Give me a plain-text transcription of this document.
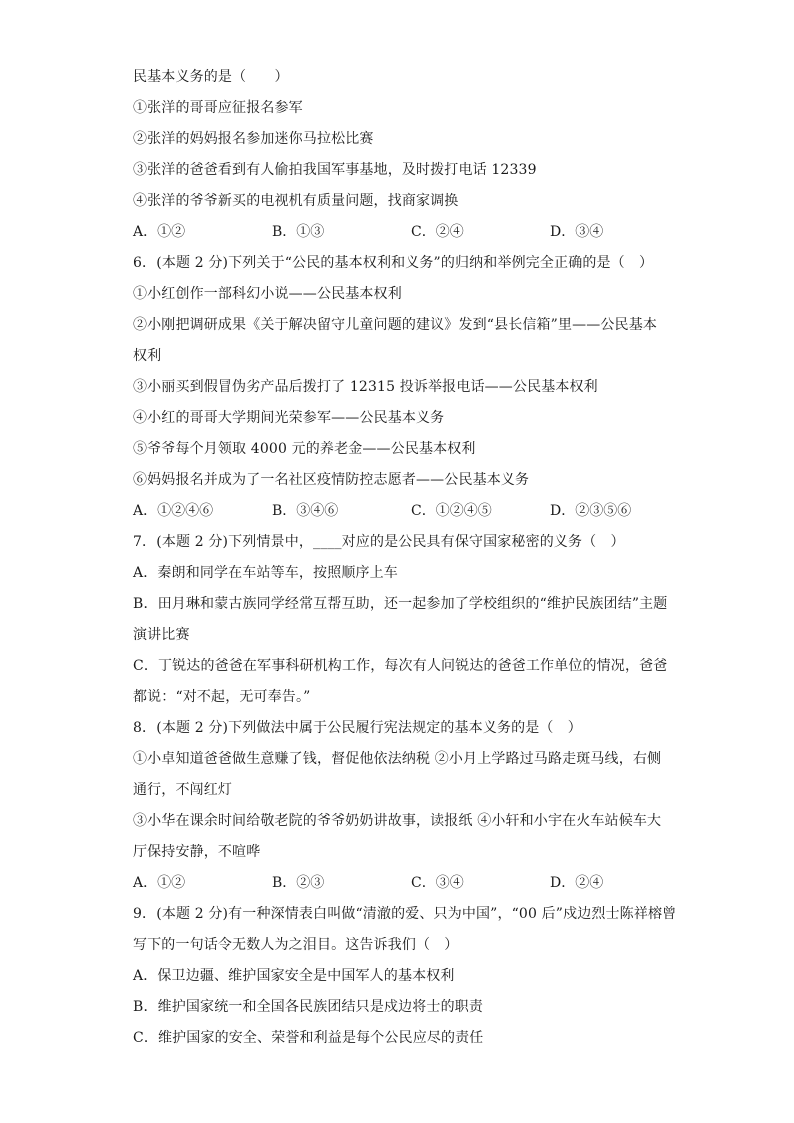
民基本义务的是（　　）
①张洋的哥哥应征报名参军
②张洋的妈妈报名参加迷你马拉松比赛
③张洋的爸爸看到有人偷拍我国军事基地，及时拨打电话 12339
④张洋的爷爷新买的电视机有质量问题，找商家调换
A．①②	B．①③	C．②④	D．③④
6．(本题 2 分)下列关于“公民的基本权利和义务”的归纳和举例完全正确的是（　）
①小红创作一部科幻小说——公民基本权利
②小刚把调研成果《关于解决留守儿童问题的建议》发到“县长信箱”里——公民基本
权利
③小丽买到假冒伪劣产品后拨打了 12315 投诉举报电话——公民基本权利
④小红的哥哥大学期间光荣参军——公民基本义务
⑤爷爷每个月领取 4000 元的养老金——公民基本权利
⑥妈妈报名并成为了一名社区疫情防控志愿者——公民基本义务
A．①②④⑥	B．③④⑥	C．①②④⑤	D．②③⑤⑥
7．(本题 2 分)下列情景中，____对应的是公民具有保守国家秘密的义务（　）
A．秦朗和同学在车站等车，按照顺序上车
B．田月琳和蒙古族同学经常互帮互助，还一起参加了学校组织的“维护民族团结”主题
演讲比赛
C．丁锐达的爸爸在军事科研机构工作，每次有人问锐达的爸爸工作单位的情况，爸爸
都说：“对不起，无可奉告。”
8．(本题 2 分)下列做法中属于公民履行宪法规定的基本义务的是（　）
①小卓知道爸爸做生意赚了钱，督促他依法纳税 ②小月上学路过马路走斑马线，右侧
通行，不闯红灯
③小华在课余时间给敬老院的爷爷奶奶讲故事，读报纸 ④小轩和小宇在火车站候车大
厅保持安静，不喧哗
A．①②	B．②③	C．③④	D．②④
9．(本题 2 分)有一种深情表白叫做“清澈的爱、只为中国”，“00 后”戍边烈士陈祥榕曾
写下的一句话令无数人为之泪目。这告诉我们（　）
A．保卫边疆、维护国家安全是中国军人的基本权利
B．维护国家统一和全国各民族团结只是戍边将士的职责
C．维护国家的安全、荣誉和利益是每个公民应尽的责任
